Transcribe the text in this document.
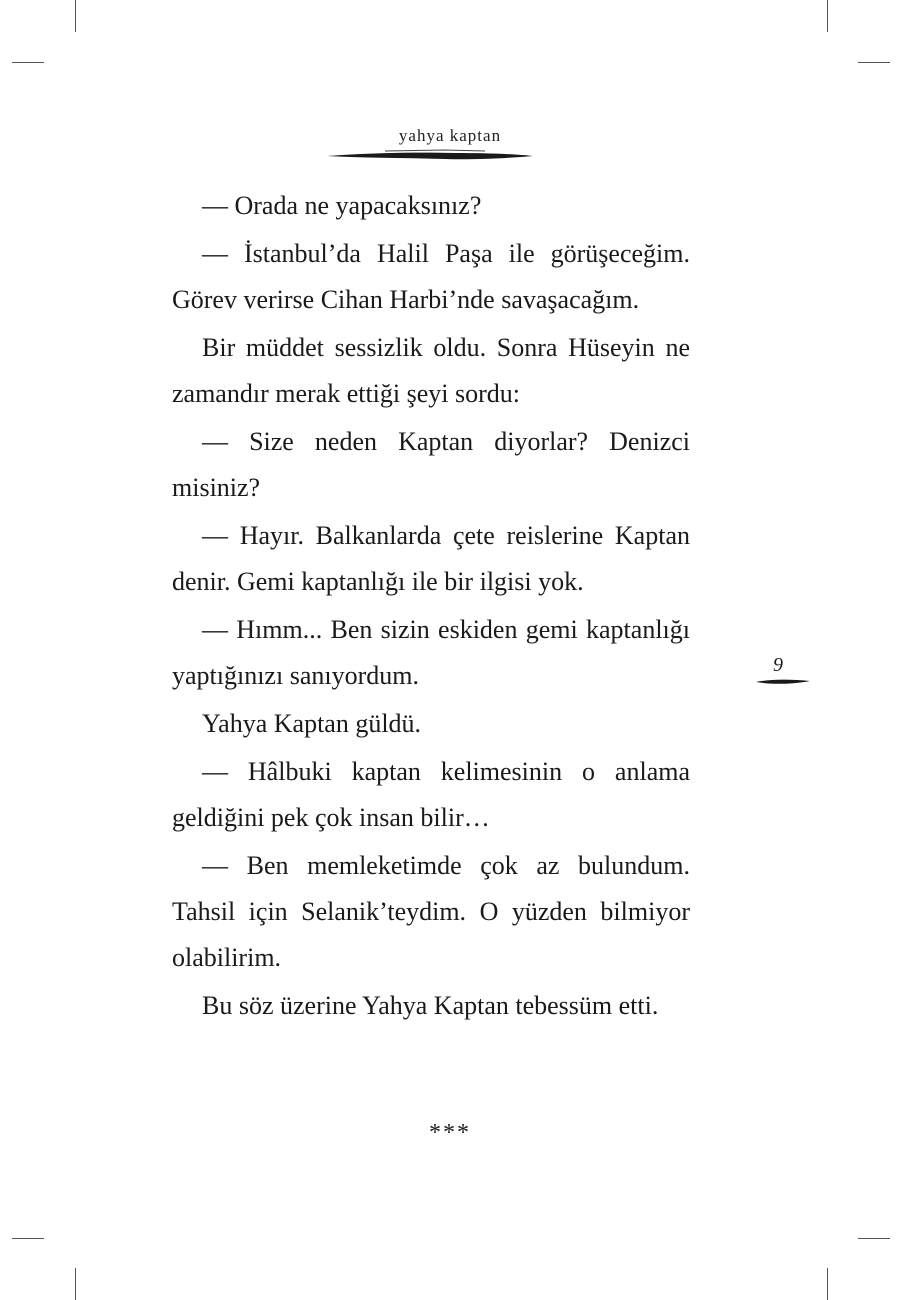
yahya kaptan

— Orada ne yapacaksınız?

— İstanbul’da Halil Paşa ile görüşeceğim. Görev verirse Cihan Harbi’nde savaşacağım.

Bir müddet sessizlik oldu. Sonra Hüseyin ne zamandır merak ettiği şeyi sordu:

— Size neden Kaptan diyorlar? Denizci misiniz?

— Hayır. Balkanlarda çete reislerine Kaptan denir. Gemi kaptanlığı ile bir ilgisi yok.

— Hımm... Ben sizin eskiden gemi kaptanlığı yaptığınızı sanıyordum.

Yahya Kaptan güldü.

— Hâlbuki kaptan kelimesinin o anlama geldiğini pek çok insan bilir…

— Ben memleketimde çok az bulundum. Tahsil için Selanik’teydim. O yüzden bilmiyor olabilirim.

Bu söz üzerine Yahya Kaptan tebessüm etti.

***
9
